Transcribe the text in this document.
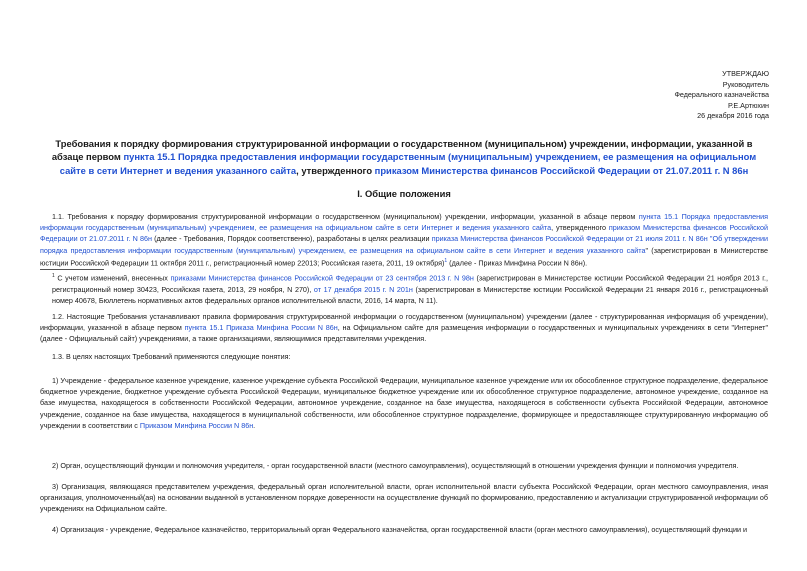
УТВЕРЖДАЮ
Руководитель
Федерального казначейства
Р.Е.Артюхин
26 декабря 2016 года
Требования к порядку формирования структурированной информации о государственном (муниципальном) учреждении, информации, указанной в абзаце первом пункта 15.1 Порядка предоставления информации государственным (муниципальным) учреждением, ее размещения на официальном сайте в сети Интернет и ведения указанного сайта, утвержденного приказом Министерства финансов Российской Федерации от 21.07.2011 г. N 86н
I. Общие положения
1.1. Требования к порядку формирования структурированной информации о государственном (муниципальном) учреждении, информации, указанной в абзаце первом пункта 15.1 Порядка предоставления информации государственным (муниципальным) учреждением, ее размещения на официальном сайте в сети Интернет и ведения указанного сайта, утвержденного приказом Министерства финансов Российской Федерации от 21.07.2011 г. N 86н (далее - Требования, Порядок соответственно), разработаны в целях реализации приказа Министерства финансов Российской Федерации от 21 июля 2011 г. N 86н "Об утверждении порядка предоставления информации государственным (муниципальным) учреждением, ее размещения на официальном сайте в сети Интернет и ведения указанного сайта" (зарегистрирован в Министерстве юстиции Российской Федерации 11 октября 2011 г., регистрационный номер 22013; Российская газета, 2011, 19 октября)$^1$ (далее - Приказ Минфина России N 86н).
$^1$ С учетом изменений, внесенных приказами Министерства финансов Российской Федерации от 23 сентября 2013 г. N 98н (зарегистрирован в Министерстве юстиции Российской Федерации 21 ноября 2013 г., регистрационный номер 30423, Российская газета, 2013, 29 ноября, N 270), от 17 декабря 2015 г. N 201н (зарегистрирован в Министерстве юстиции Российской Федерации 21 января 2016 г., регистрационный номер 40678, Бюллетень нормативных актов федеральных органов исполнительной власти, 2016, 14 марта, N 11).
1.2. Настоящие Требования устанавливают правила формирования структурированной информации о государственном (муниципальном) учреждении (далее - структурированная информация об учреждении), информации, указанной в абзаце первом пункта 15.1 Приказа Минфина России N 86н, на Официальном сайте для размещения информации о государственных и муниципальных учреждениях в сети "Интернет" (далее - Официальный сайт) учреждениями, а также организациями, являющимися представителями учреждения.
1.3. В целях настоящих Требований применяются следующие понятия:
1) Учреждение - федеральное казенное учреждение, казенное учреждение субъекта Российской Федерации, муниципальное казенное учреждение или их обособленное структурное подразделение, федеральное бюджетное учреждение, бюджетное учреждение субъекта Российской Федерации, муниципальное бюджетное учреждение или их обособленное структурное подразделение, автономное учреждение, созданное на базе имущества, находящегося в собственности Российской Федерации, автономное учреждение, созданное на базе имущества, находящегося в собственности субъекта Российской Федерации, автономное учреждение, созданное на базе имущества, находящегося в муниципальной собственности, или обособленное структурное подразделение, формирующее и предоставляющее структурированную информацию об учреждении в соответствии с Приказом Минфина России N 86н.
2) Орган, осуществляющий функции и полномочия учредителя, - орган государственной власти (местного самоуправления), осуществляющий в отношении учреждения функции и полномочия учредителя.
3) Организация, являющаяся представителем учреждения, федеральный орган исполнительной власти, орган исполнительной власти субъекта Российской Федерации, орган местного самоуправления, иная организация, уполномоченный(ая) на основании выданной в установленном порядке доверенности на осуществление функций по формированию, предоставлению и актуализации структурированной информации об учреждениях на Официальном сайте.
4) Организация - учреждение, Федеральное казначейство, территориальный орган Федерального казначейства, орган государственной власти (орган местного самоуправления), осуществляющий функции и
